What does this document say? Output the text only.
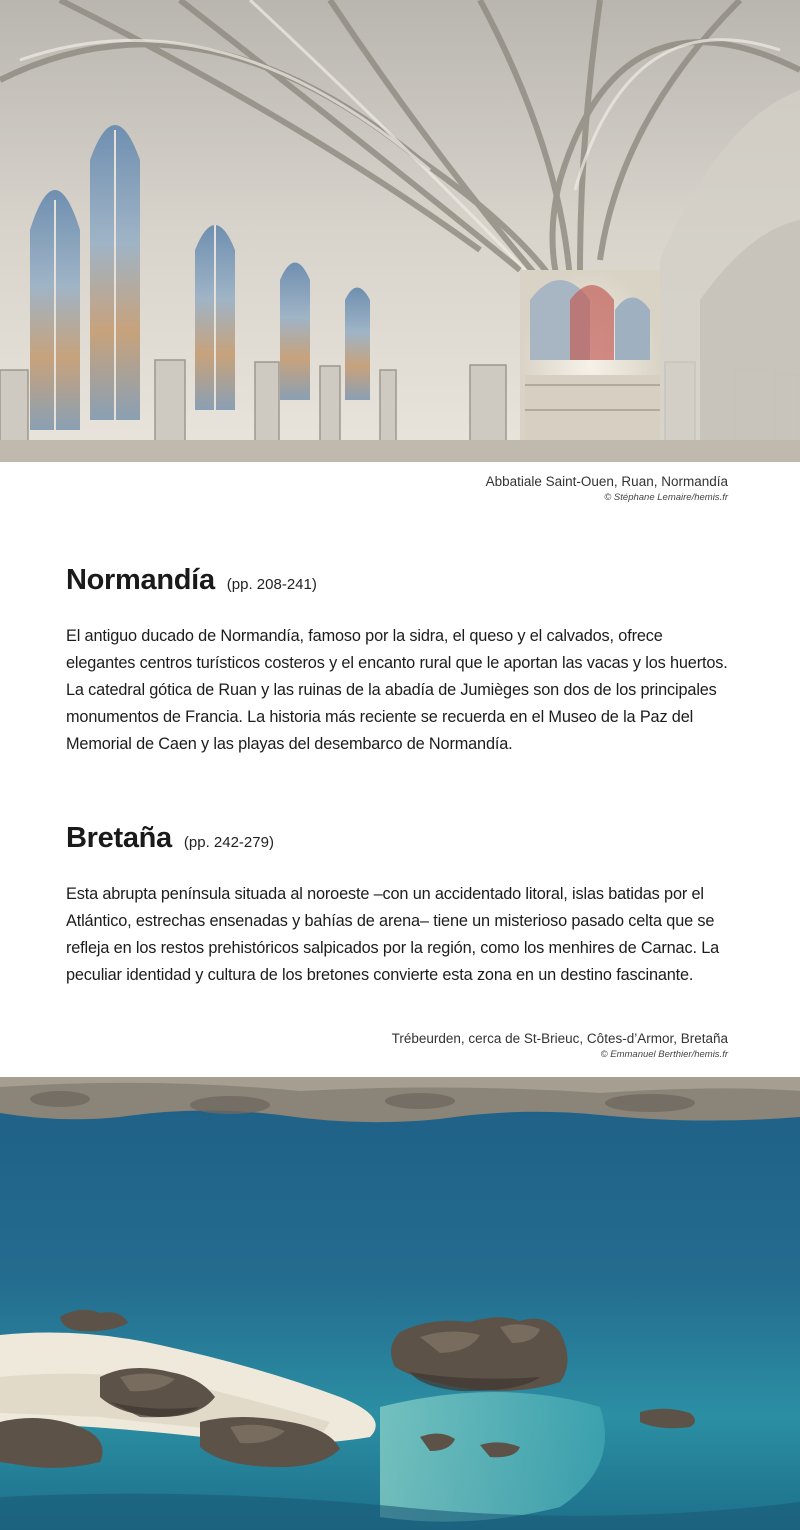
Abbatiale Saint-Ouen, Ruan, Normandía
© Stéphane Lemaire/hemis.fr
Normandía (pp. 208-241)

El antiguo ducado de Normandía, famoso por la sidra, el queso y el calvados, ofrece elegantes centros turísticos costeros y el encanto rural que le aportan las vacas y los huertos. La catedral gótica de Ruan y las ruinas de la abadía de Jumièges son dos de los principales monumentos de Francia. La historia más reciente se recuerda en el Museo de la Paz del Memorial de Caen y las playas del desembarco de Normandía.

Bretaña (pp. 242-279)

Esta abrupta península situada al noroeste –con un accidentado litoral, islas batidas por el Atlántico, estrechas ensenadas y bahías de arena– tiene un misterioso pasado celta que se refleja en los restos prehistóricos salpicados por la región, como los menhires de Carnac. La peculiar identidad y cultura de los bretones convierte esta zona en un destino fascinante.

Trébeurden, cerca de St-Brieuc, Côtes-d’Armor, Bretaña
© Emmanuel Berthier/hemis.fr
